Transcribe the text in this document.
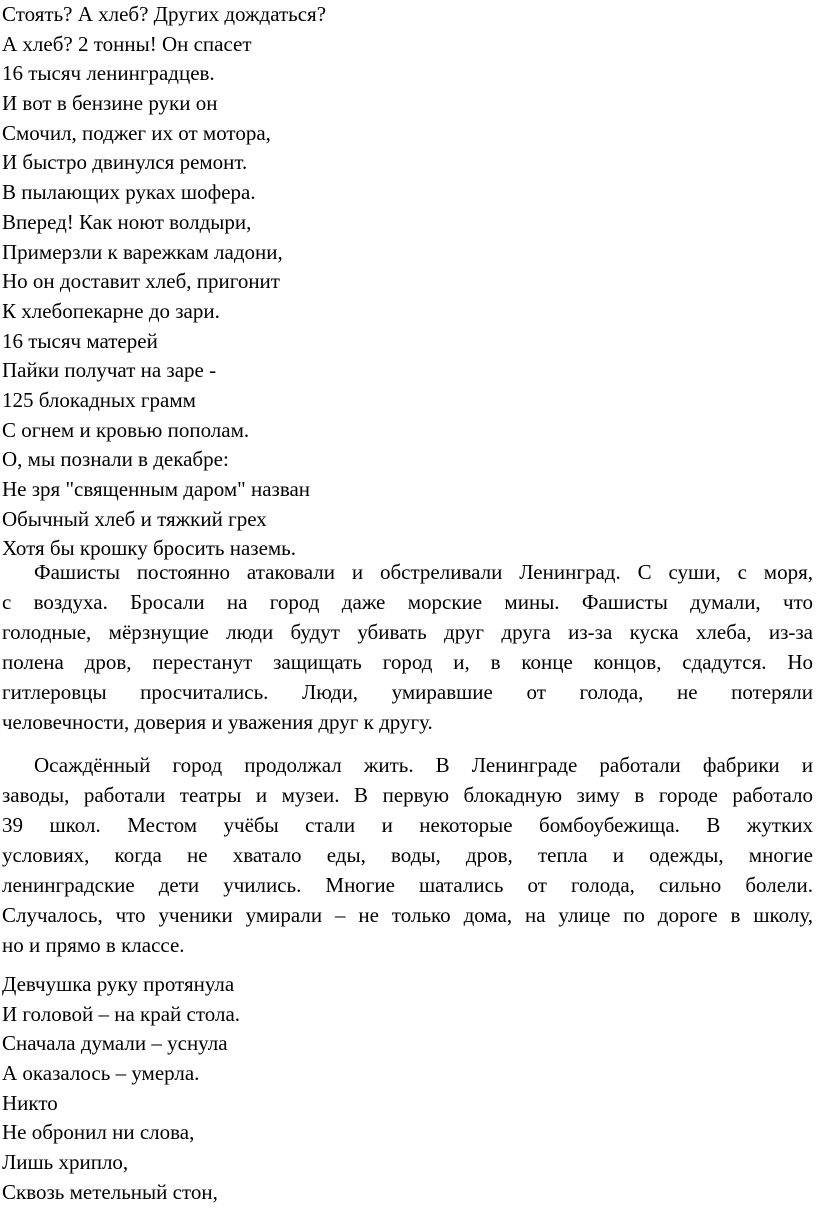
Стоять? А хлеб? Других дождаться?
А хлеб? 2 тонны! Он спасет
16 тысяч ленинградцев.
И вот в бензине руки он
Смочил, поджег их от мотора,
И быстро двинулся ремонт.
В пылающих руках шофера.
Вперед! Как ноют волдыри,
Примерзли к варежкам ладони,
Но он доставит хлеб, пригонит
К хлебопекарне до зари.
16 тысяч матерей
Пайки получат на заре -
125 блокадных грамм
С огнем и кровью пополам.
О, мы познали в декабре:
Не зря "священным даром" назван
Обычный хлеб и тяжкий грех
Хотя бы крошку бросить наземь.
Фашисты постоянно атаковали и обстреливали Ленинград. С суши, с моря,
с воздуха. Бросали на город даже морские мины. Фашисты думали, что
голодные, мёрзнущие люди будут убивать друг друга из-за куска хлеба, из-за
полена дров, перестанут защищать город и, в конце концов, сдадутся. Но
гитлеровцы просчитались. Люди, умиравшие от голода, не потеряли
человечности, доверия и уважения друг к другу.
Осаждённый город продолжал жить. В Ленинграде работали фабрики и
заводы, работали театры и музеи. В первую блокадную зиму в городе работало
39 школ. Местом учёбы стали и некоторые бомбоубежища. В жутких
условиях, когда не хватало еды, воды, дров, тепла и одежды, многие
ленинградские дети учились. Многие шатались от голода, сильно болели.
Случалось, что ученики умирали – не только дома, на улице по дороге в школу,
но и прямо в классе.
Девчушка руку протянула
И головой – на край стола.
Сначала думали – уснула
А оказалось – умерла.
Никто
Не обронил ни слова,
Лишь хрипло,
Сквозь метельный стон,
